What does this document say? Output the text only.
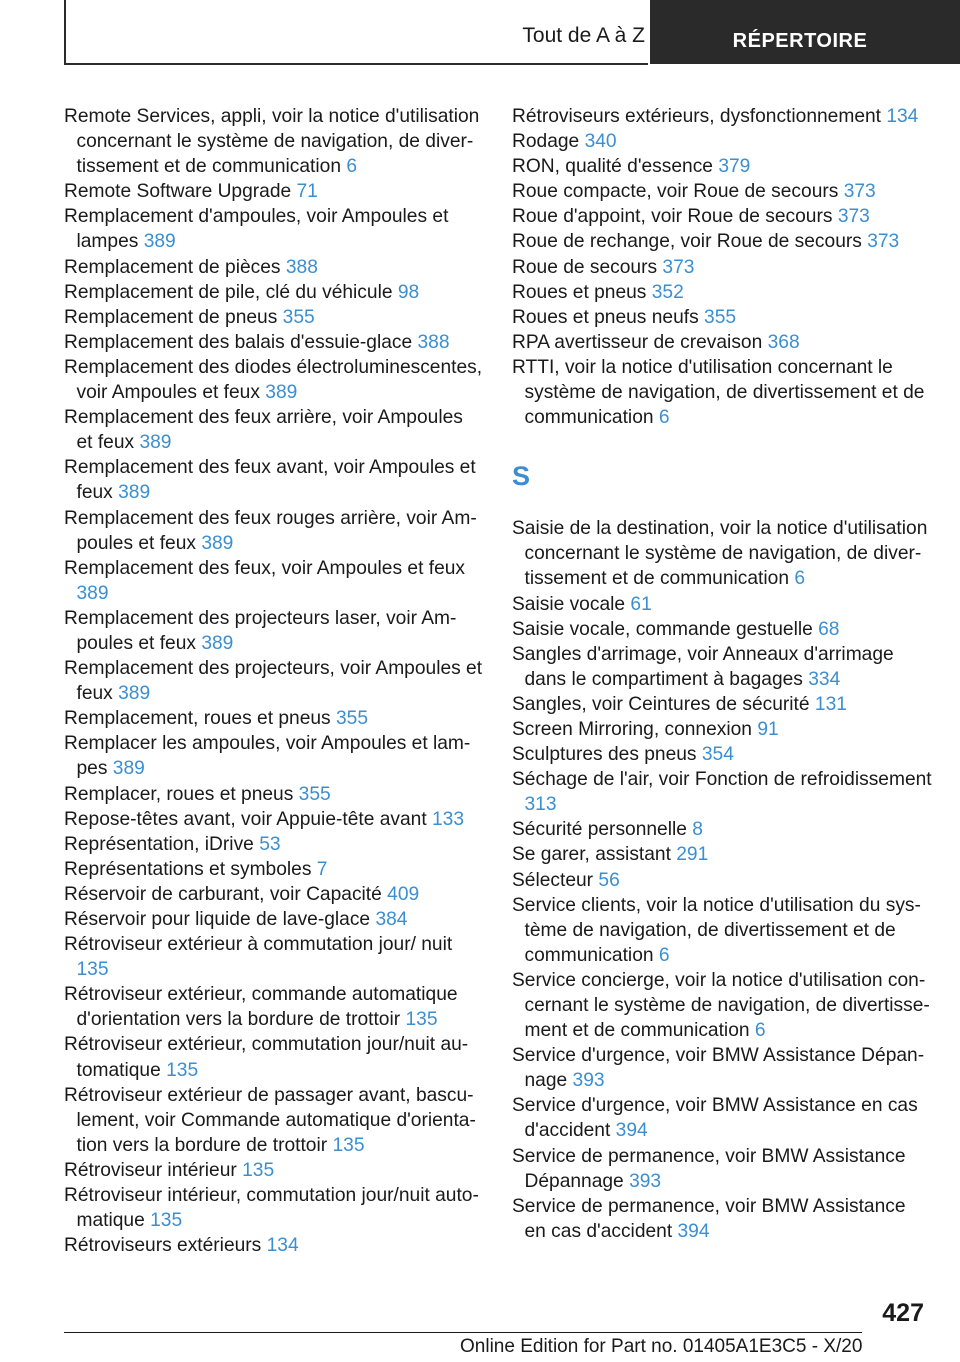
Tout de A à Z	RÉPERTOIRE
Remote Services, appli, voir la notice d'utilisation concernant le système de navigation, de divertissement et de communication 6
Remote Software Upgrade 71
Remplacement d'ampoules, voir Ampoules et lampes 389
Remplacement de pièces 388
Remplacement de pile, clé du véhicule 98
Remplacement de pneus 355
Remplacement des balais d'essuie-glace 388
Remplacement des diodes électroluminescentes, voir Ampoules et feux 389
Remplacement des feux arrière, voir Ampoules et feux 389
Remplacement des feux avant, voir Ampoules et feux 389
Remplacement des feux rouges arrière, voir Ampoules et feux 389
Remplacement des feux, voir Ampoules et feux 389
Remplacement des projecteurs laser, voir Ampoules et feux 389
Remplacement des projecteurs, voir Ampoules et feux 389
Remplacement, roues et pneus 355
Remplacer les ampoules, voir Ampoules et lampes 389
Remplacer, roues et pneus 355
Repose-têtes avant, voir Appuie-tête avant 133
Représentation, iDrive 53
Représentations et symboles 7
Réservoir de carburant, voir Capacité 409
Réservoir pour liquide de lave-glace 384
Rétroviseur extérieur à commutation jour/ nuit 135
Rétroviseur extérieur, commande automatique d'orientation vers la bordure de trottoir 135
Rétroviseur extérieur, commutation jour/nuit automatique 135
Rétroviseur extérieur de passager avant, basculement, voir Commande automatique d'orientation vers la bordure de trottoir 135
Rétroviseur intérieur 135
Rétroviseur intérieur, commutation jour/nuit automatique 135
Rétroviseurs extérieurs 134
Rétroviseurs extérieurs, dysfonctionnement 134
Rodage 340
RON, qualité d'essence 379
Roue compacte, voir Roue de secours 373
Roue d'appoint, voir Roue de secours 373
Roue de rechange, voir Roue de secours 373
Roue de secours 373
Roues et pneus 352
Roues et pneus neufs 355
RPA avertisseur de crevaison 368
RTTI, voir la notice d'utilisation concernant le système de navigation, de divertissement et de communication 6
S
Saisie de la destination, voir la notice d'utilisation concernant le système de navigation, de divertissement et de communication 6
Saisie vocale 61
Saisie vocale, commande gestuelle 68
Sangles d'arrimage, voir Anneaux d'arrimage dans le compartiment à bagages 334
Sangles, voir Ceintures de sécurité 131
Screen Mirroring, connexion 91
Sculptures des pneus 354
Séchage de l'air, voir Fonction de refroidissement 313
Sécurité personnelle 8
Se garer, assistant 291
Sélecteur 56
Service clients, voir la notice d'utilisation du système de navigation, de divertissement et de communication 6
Service concierge, voir la notice d'utilisation concernant le système de navigation, de divertissement et de communication 6
Service d'urgence, voir BMW Assistance Dépannage 393
Service d'urgence, voir BMW Assistance en cas d'accident 394
Service de permanence, voir BMW Assistance Dépannage 393
Service de permanence, voir BMW Assistance en cas d'accident 394
427
Online Edition for Part no. 01405A1E3C5 - X/20
